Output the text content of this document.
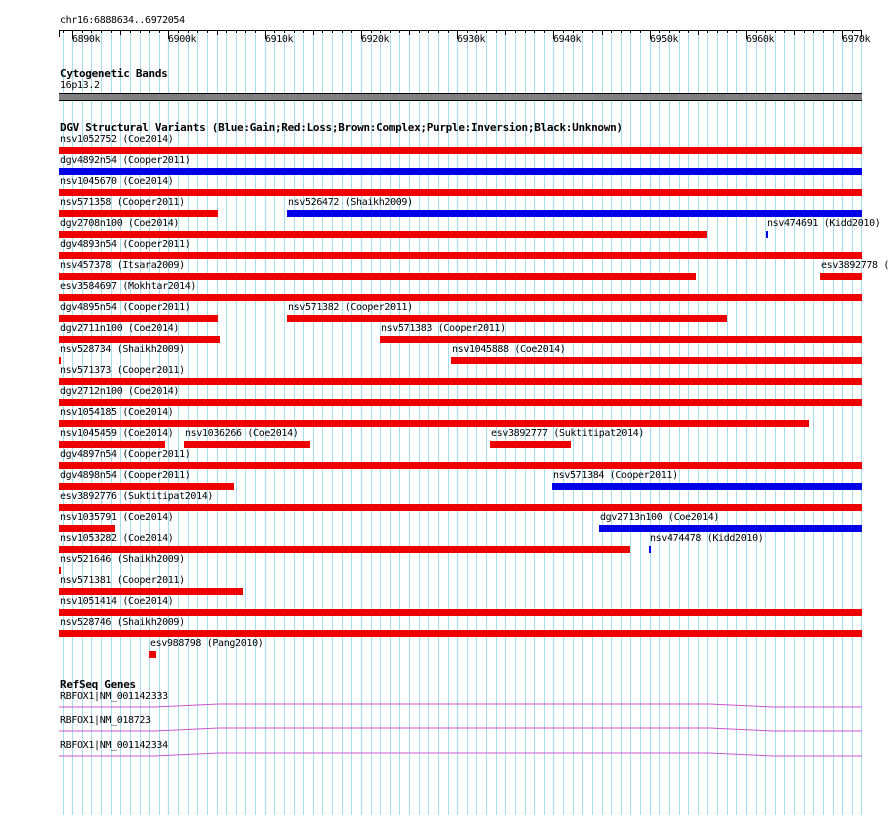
chr16:6888634..6972054
6890k	6900k	6910k	6920k	6930k	6940k	6950k	6960k	6970k
Cytogenetic Bands
16p13.2
DGV Structural Variants (Blue:Gain;Red:Loss;Brown:Complex;Purple:Inversion;Black:Unknown)
nsv1052752 (Coe2014)
dgv4892n54 (Cooper2011)
nsv1045670 (Coe2014)
nsv571358 (Cooper2011)	nsv526472 (Shaikh2009)
dgv2708n100 (Coe2014)	nsv474691 (Kidd2010)
dgv4893n54 (Cooper2011)
nsv457378 (Itsara2009)	esv3892778 (
esv3584697 (Mokhtar2014)
dgv4895n54 (Cooper2011)	nsv571382 (Cooper2011)
dgv2711n100 (Coe2014)	nsv571383 (Cooper2011)
nsv528734 (Shaikh2009)	nsv1045888 (Coe2014)
nsv571373 (Cooper2011)
dgv2712n100 (Coe2014)
nsv1054185 (Coe2014)
nsv1045459 (Coe2014) nsv1036266 (Coe2014)	esv3892777 (Suktitipat2014)
dgv4897n54 (Cooper2011)
dgv4898n54 (Cooper2011)	nsv571384 (Cooper2011)
esv3892776 (Suktitipat2014)
nsv1035791 (Coe2014)	dgv2713n100 (Coe2014)
nsv1053282 (Coe2014)	nsv474478 (Kidd2010)
nsv521646 (Shaikh2009)
nsv571381 (Cooper2011)
nsv1051414 (Coe2014)
nsv528746 (Shaikh2009)
esv988798 (Pang2010)
RefSeq Genes
RBFOX1|NM_001142333
RBFOX1|NM_018723
RBFOX1|NM_001142334
